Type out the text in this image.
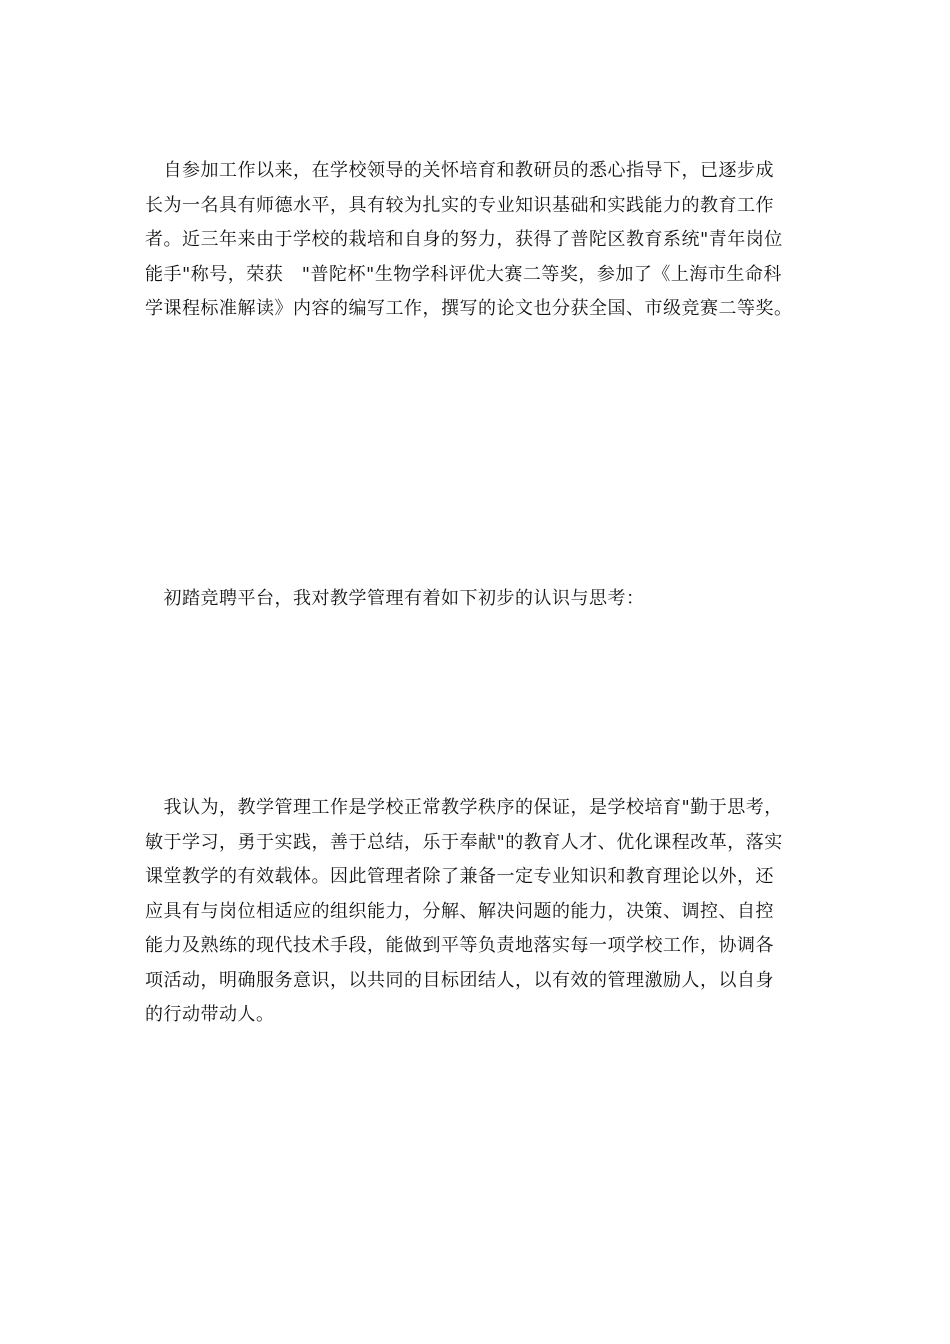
　自参加工作以来，在学校领导的关怀培育和教研员的悉心指导下，已逐步成
长为一名具有师德水平，具有较为扎实的专业知识基础和实践能力的教育工作
者。近三年来由于学校的栽培和自身的努力，获得了普陀区教育系统"青年岗位
能手"称号，荣获　"普陀杯"生物学科评优大赛二等奖，参加了《上海市生命科
学课程标准解读》内容的编写工作，撰写的论文也分获全国、市级竞赛二等奖。

　初踏竞聘平台，我对教学管理有着如下初步的认识与思考：

　我认为，教学管理工作是学校正常教学秩序的保证，是学校培育"勤于思考，
敏于学习，勇于实践，善于总结，乐于奉献"的教育人才、优化课程改革，落实
课堂教学的有效载体。因此管理者除了兼备一定专业知识和教育理论以外，还
应具有与岗位相适应的组织能力，分解、解决问题的能力，决策、调控、自控
能力及熟练的现代技术手段，能做到平等负责地落实每一项学校工作，协调各
项活动，明确服务意识，以共同的目标团结人，以有效的管理激励人，以自身
的行动带动人。
